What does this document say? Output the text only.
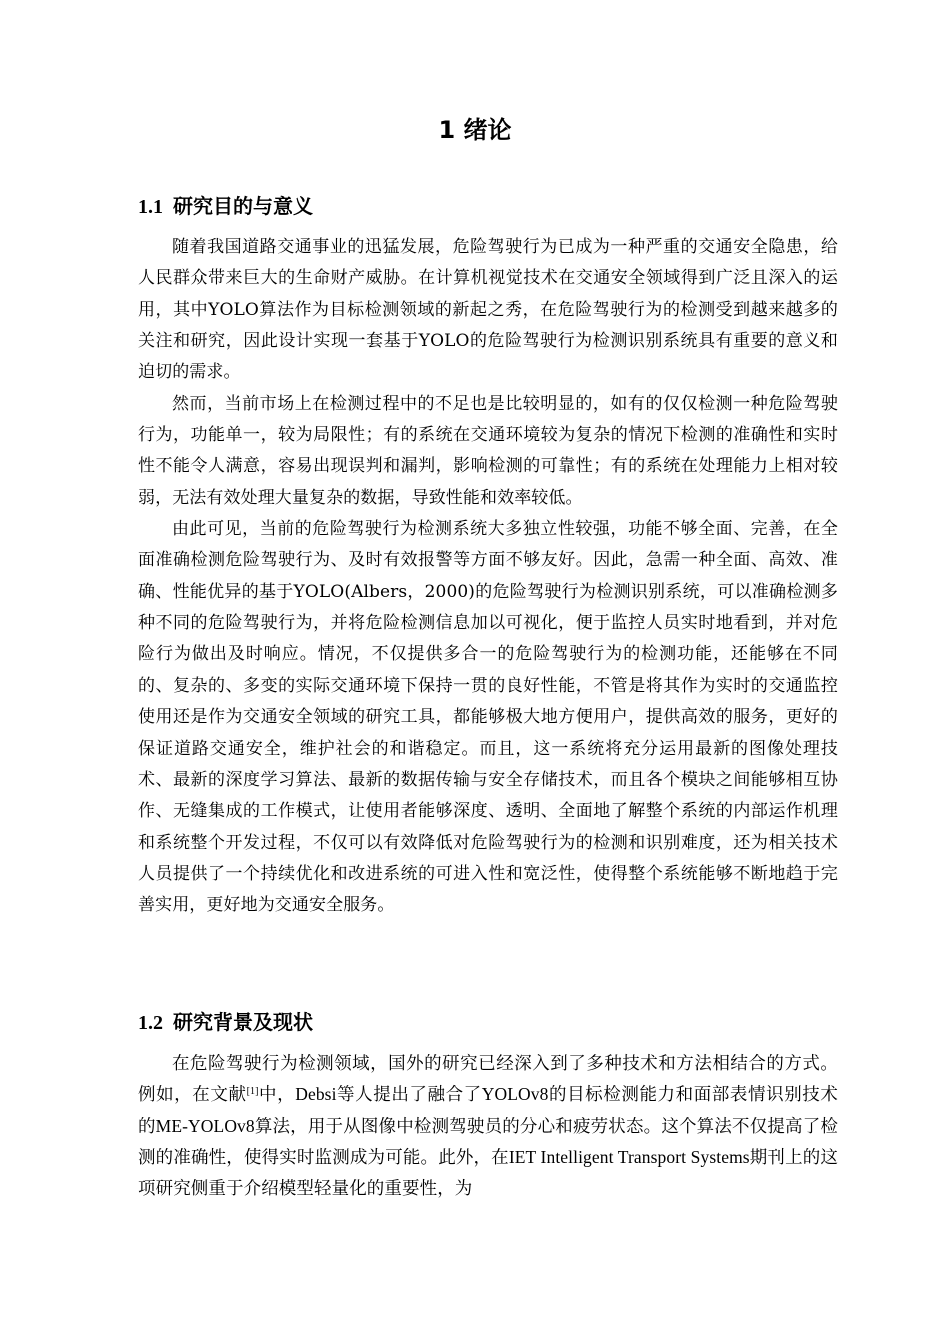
1 绪论
1.1 研究目的与意义

随着我国道路交通事业的迅猛发展，危险驾驶行为已成为一种严重的交通安全隐患，给人民群众带来巨大的生命财产威胁。在计算机视觉技术在交通安全领域得到广泛且深入的运用，其中YOLO算法作为目标检测领域的新起之秀，在危险驾驶行为的检测受到越来越多的关注和研究，因此设计实现一套基于YOLO的危险驾驶行为检测识别系统具有重要的意义和迫切的需求。

然而，当前市场上在检测过程中的不足也是比较明显的，如有的仅仅检测一种危险驾驶行为，功能单一，较为局限性；有的系统在交通环境较为复杂的情况下检测的准确性和实时性不能令人满意，容易出现误判和漏判，影响检测的可靠性；有的系统在处理能力上相对较弱，无法有效处理大量复杂的数据，导致性能和效率较低。

由此可见，当前的危险驾驶行为检测系统大多独立性较强，功能不够全面、完善，在全面准确检测危险驾驶行为、及时有效报警等方面不够友好。因此，急需一种全面、高效、准确、性能优异的基于YOLO(Albers，2000)的危险驾驶行为检测识别系统，可以准确检测多种不同的危险驾驶行为，并将危险检测信息加以可视化，便于监控人员实时地看到，并对危险行为做出及时响应。情况，不仅提供多合一的危险驾驶行为的检测功能，还能够在不同的、复杂的、多变的实际交通环境下保持一贯的良好性能，不管是将其作为实时的交通监控使用还是作为交通安全领域的研究工具，都能够极大地方便用户，提供高效的服务，更好的保证道路交通安全，维护社会的和谐稳定。而且，这一系统将充分运用最新的图像处理技术、最新的深度学习算法、最新的数据传输与安全存储技术，而且各个模块之间能够相互协作、无缝集成的工作模式，让使用者能够深度、透明、全面地了解整个系统的内部运作机理和系统整个开发过程，不仅可以有效降低对危险驾驶行为的检测和识别难度，还为相关技术人员提供了一个持续优化和改进系统的可进入性和宽泛性，使得整个系统能够不断地趋于完善实用，更好地为交通安全服务。

1.2 研究背景及现状

在危险驾驶行为检测领域，国外的研究已经深入到了多种技术和方法相结合的方式。例如，在文献[1]中，Debsi等人提出了融合了YOLOv8的目标检测能力和面部表情识别技术的ME-YOLOv8算法，用于从图像中检测驾驶员的分心和疲劳状态。这个算法不仅提高了检测的准确性，使得实时监测成为可能。此外，在IET Intelligent Transport Systems期刊上的这项研究侧重于介绍模型轻量化的重要性，为
